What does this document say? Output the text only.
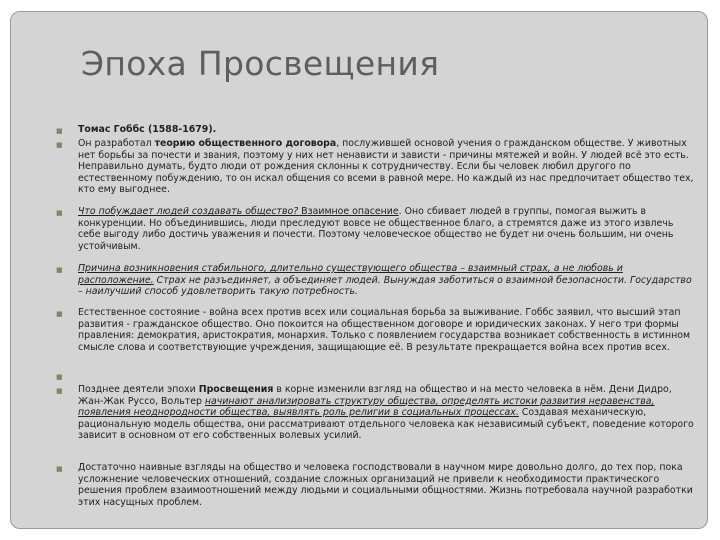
Эпоха Просвещения
■ Томас Гоббс (1588-1679).
■ Он разработал теорию общественного договора, послужившей основой учения о гражданском обществе. У животных нет борьбы за почести и звания, поэтому у них нет ненависти и зависти - причины мятежей и войн. У людей всё это есть. Неправильно думать, будто люди от рождения склонны к сотрудничеству. Если бы человек любил другого по естественному побуждению, то он искал общения со всеми в равной мере. Но каждый из нас предпочитает общество тех, кто ему выгоднее.
■ Что побуждает людей создавать общество? Взаимное опасение. Оно сбивает людей в группы, помогая выжить в конкуренции. Но объединившись, люди преследуют вовсе не общественное благо, а стремятся даже из этого извлечь себе выгоду либо достичь уважения и почести. Поэтому человеческое общество не будет ни очень большим, ни очень устойчивым.
■ Причина возникновения стабильного, длительно существующего общества – взаимный страх, а не любовь и расположение. Страх не разъединяет, а объединяет людей. Вынуждая заботиться о взаимной безопасности. Государство – наилучший способ удовлетворить такую потребность.
■ Естественное состояние - война всех против всех или социальная борьба за выживание. Гоббс заявил, что высший этап развития - гражданское общество. Оно покоится на общественном договоре и юридических законах. У него три формы правления: демократия, аристократия, монархия. Только с появлением государства возникает собственность в истинном смысле слова и соответствующие учреждения, защищающие её. В результате прекращается война всех против всех.
■
■ Позднее деятели эпохи Просвещения в корне изменили взгляд на общество и на место человека в нём. Дени Дидро, Жан-Жак Руссо, Вольтер начинают анализировать структуру общества, определять истоки развития неравенства, появления неоднородности общества, выявлять роль религии в социальных процессах. Создавая механическую, рациональную модель общества, они рассматривают отдельного человека как независимый субъект, поведение которого зависит в основном от его собственных волевых усилий.
■ Достаточно наивные взгляды на общество и человека господствовали в научном мире довольно долго, до тех пор, пока усложнение человеческих отношений, создание сложных организаций не привели к необходимости практического решения проблем взаимоотношений между людьми и социальными общностями. Жизнь потребовала научной разработки этих насущных проблем.
